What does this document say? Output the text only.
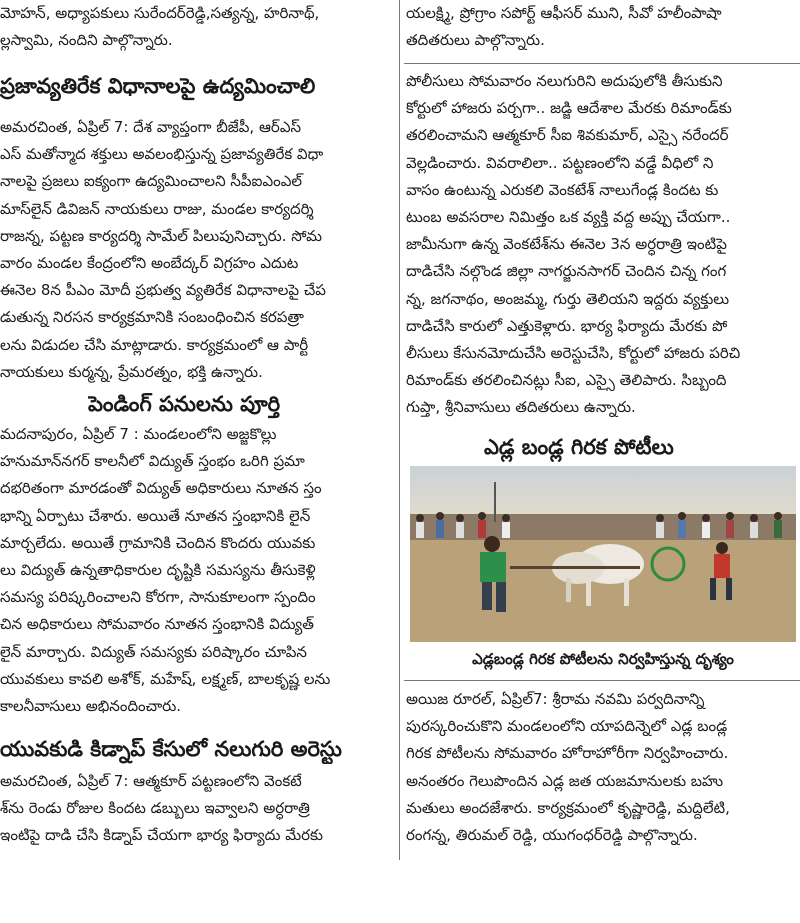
మోహన్, అధ్యాపకులు సురేందర్‌రెడ్డి,సత్యన్న, హరినాథ్,
ల్లస్వామి, నందిని పాల్గొన్నారు.
ప్రజావ్యతిరేక విధానాలపై ఉద్యమించాలి
అమరచింత, ఏప్రిల్ 7: దేశ వ్యాప్తంగా బీజేపీ, ఆర్ఎస్
ఎస్ మతోన్మాద శక్తులు అవలంభిస్తున్న ప్రజావ్యతిరేక విధా
నాలపై ప్రజలు ఐక్యంగా ఉద్యమించాలని సీపీఐఎంఎల్
మాస్‌లైన్ డివిజన్ నాయకులు రాజు, మండల కార్యదర్శి
రాజన్న, పట్టణ కార్యదర్శి సామేల్ పిలుపునిచ్చారు. సోమ
వారం మండల కేంద్రంలోని అంబేద్కర్ విగ్రహం ఎదుట
ఈనెల 8న పీఎం మోదీ ప్రభుత్వ వ్యతిరేక విధానాలపై చేప
డుతున్న నిరసన కార్యక్రమానికి సంబంధించిన కరపత్రా
లను విడుదల చేసి మాట్లాడారు. కార్యక్రమంలో ఆ పార్టీ
నాయకులు కుర్మన్న, ప్రేమరత్నం, భక్తి ఉన్నారు.
పెండింగ్ పనులను పూర్తి
మదనాపురం, ఏప్రిల్ 7 : మండలంలోని అజ్జకొల్లు
హనుమాన్‌నగర్ కాలనీలో విద్యుత్ స్తంభం ఒరిగి ప్రమా
దభరితంగా మారడంతో విద్యుత్ అధికారులు నూతన స్తం
భాన్ని ఏర్పాటు చేశారు. అయితే నూతన స్తంభానికి లైన్
మార్చలేదు. అయితే గ్రామానికి చెందిన కొందరు యువకు
లు విద్యుత్ ఉన్నతాధికారుల దృష్టికి సమస్యను తీసుకెళ్లి
సమస్య పరిష్కరించాలని కోరగా, సానుకూలంగా స్పందిం
చిన అధికారులు సోమవారం నూతన స్తంభానికి విద్యుత్
లైన్ మార్చారు. విద్యుత్ సమస్యకు పరిష్కారం చూపిన
యువకులు కావలి అశోక్, మహేష్, లక్ష్మణ్, బాలకృష్ణ లను
కాలనీవాసులు అభినందించారు.
యువకుడి కిడ్నాప్ కేసులో నలుగురి అరెస్టు
అమరచింత, ఏప్రిల్ 7: ఆత్మకూర్ పట్టణంలోని వెంకటే
శ్‌ను రెండు రోజుల కిందట డబ్బులు ఇవ్వాలని అర్ధరాత్రి
ఇంటిపై దాడి చేసి కిడ్నాప్ చేయగా భార్య ఫిర్యాదు మేరకు
యలక్ష్మి, ప్రోగ్రాం సపోర్ట్ ఆఫీసర్ ముని, సీవో హలీంపాషా
తదితరులు పాల్గొన్నారు.
పోలీసులు సోమవారం నలుగురిని అదుపులోకి తీసుకుని
కోర్టులో హాజరు పర్చగా.. జడ్జి ఆదేశాల మేరకు రిమాండ్‌కు
తరలించామని ఆత్మకూర్ సీఐ శివకుమార్, ఎస్సై నరేందర్
వెల్లడించారు. వివరాలిలా.. పట్టణంలోని వడ్డే వీధిలో ని
వాసం ఉంటున్న ఎరుకలి వెంకటేశ్ నాలుగేండ్ల కిందట కు
టుంబ అవసరాల నిమిత్తం ఒక వ్యక్తి వద్ద అప్పు చేయగా..
జామీనుగా ఉన్న వెంకటేశ్‌ను ఈనెల 3న అర్ధరాత్రి ఇంటిపై
దాడిచేసి నల్గొండ జిల్లా నాగర్జునసాగర్ చెందిన చిన్న గంగ
న్న, జగనాథం, అంజమ్మ, గుర్తు తెలియని ఇద్దరు వ్యక్తులు
దాడిచేసి కారులో ఎత్తుకెళ్లారు. భార్య ఫిర్యాదు మేరకు పో
లీసులు కేసునమోదుచేసి అరెస్టుచేసి, కోర్టులో హాజరు పరిచి
రిమాండ్‌కు తరలించినట్లు సీఐ, ఎస్సై తెలిపారు. సిబ్బంది
గుప్తా, శ్రీనివాసులు తదితరులు ఉన్నారు.
ఎడ్ల బండ్ల గిరక పోటీలు
ఎడ్లబండ్ల గిరక పోటీలను నిర్వహిస్తున్న దృశ్యం
అయిజ రూరల్, ఏప్రిల్7: శ్రీరామ నవమి పర్వదినాన్ని
పురస్కరించుకొని మండలంలోని యాపదిన్నెలో ఎడ్ల బండ్ల
గిరక పోటీలను సోమవారం హోరాహోరీగా నిర్వహించారు.
అనంతరం గెలుపొందిన ఎడ్ల జత యజమానులకు బహు
మతులు అందజేశారు. కార్యక్రమంలో కృష్ణారెడ్డి, మద్దిలేటి,
రంగన్న, తిరుమల్ రెడ్డి, యుగంధర్‌రెడ్డి పాల్గొన్నారు.
